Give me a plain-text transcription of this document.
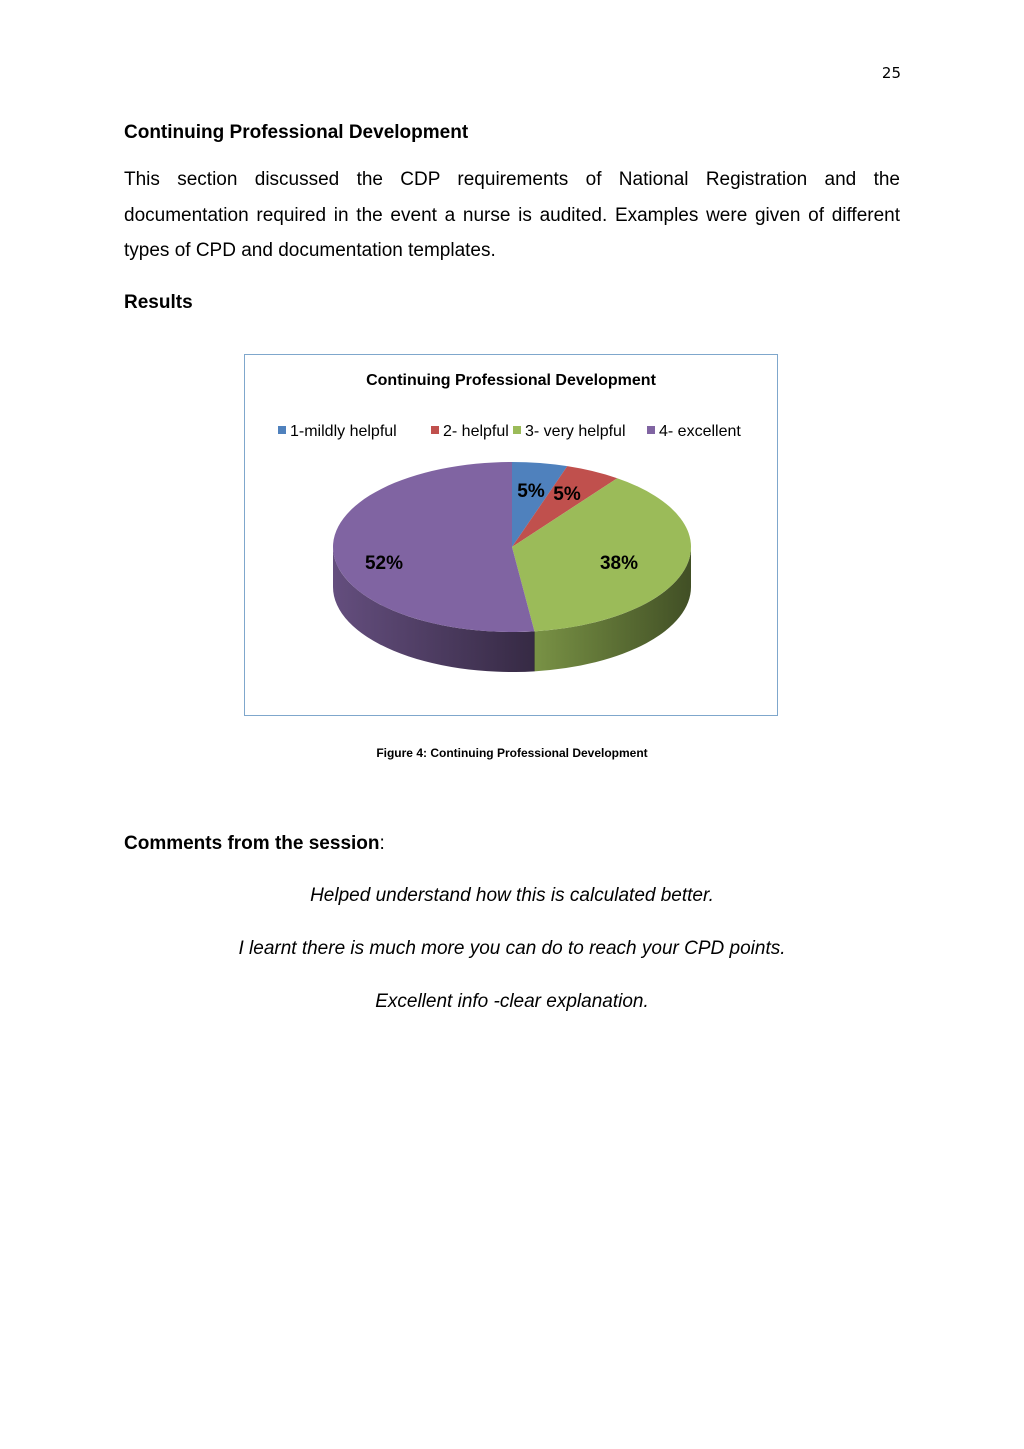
25
Continuing Professional Development
This section discussed the CDP requirements of National Registration and the documentation required in the event a nurse is audited. Examples were given of different types of CPD and documentation templates.
Results
Continuing Professional Development
1-mildly helpful	2- helpful 3- very helpful 4- excellent
5% 5%
38%
52%
Figure 4: Continuing Professional Development
Comments from the session:
Helped understand how this is calculated better.
I learnt there is much more you can do to reach your CPD points.
Excellent info -clear explanation.
